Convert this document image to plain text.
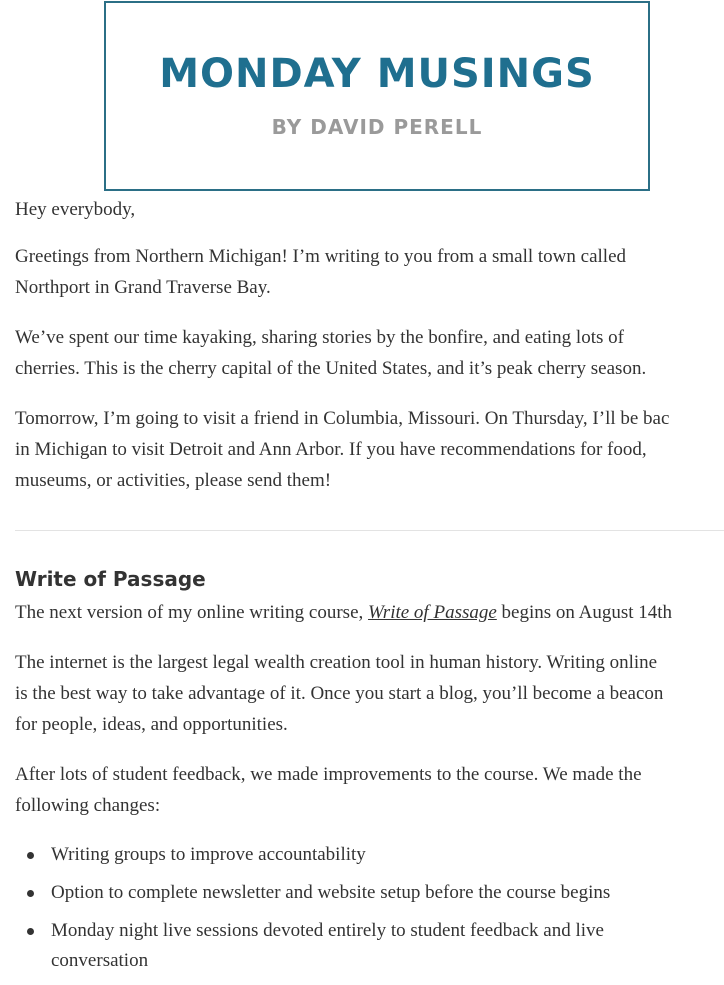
MONDAY MUSINGS
BY DAVID PERELL

Hey everybody,

Greetings from Northern Michigan! I’m writing to you from a small town called
Northport in Grand Traverse Bay.

We’ve spent our time kayaking, sharing stories by the bonfire, and eating lots of
cherries. This is the cherry capital of the United States, and it’s peak cherry season.

Tomorrow, I’m going to visit a friend in Columbia, Missouri. On Thursday, I’ll be bac
in Michigan to visit Detroit and Ann Arbor. If you have recommendations for food,
museums, or activities, please send them!

Write of Passage

The next version of my online writing course, Write of Passage begins on August 14th

The internet is the largest legal wealth creation tool in human history. Writing online
is the best way to take advantage of it. Once you start a blog, you’ll become a beacon
for people, ideas, and opportunities.

After lots of student feedback, we made improvements to the course. We made the
following changes:

Writing groups to improve accountability
Option to complete newsletter and website setup before the course begins
Monday night live sessions devoted entirely to student feedback and live
conversation
